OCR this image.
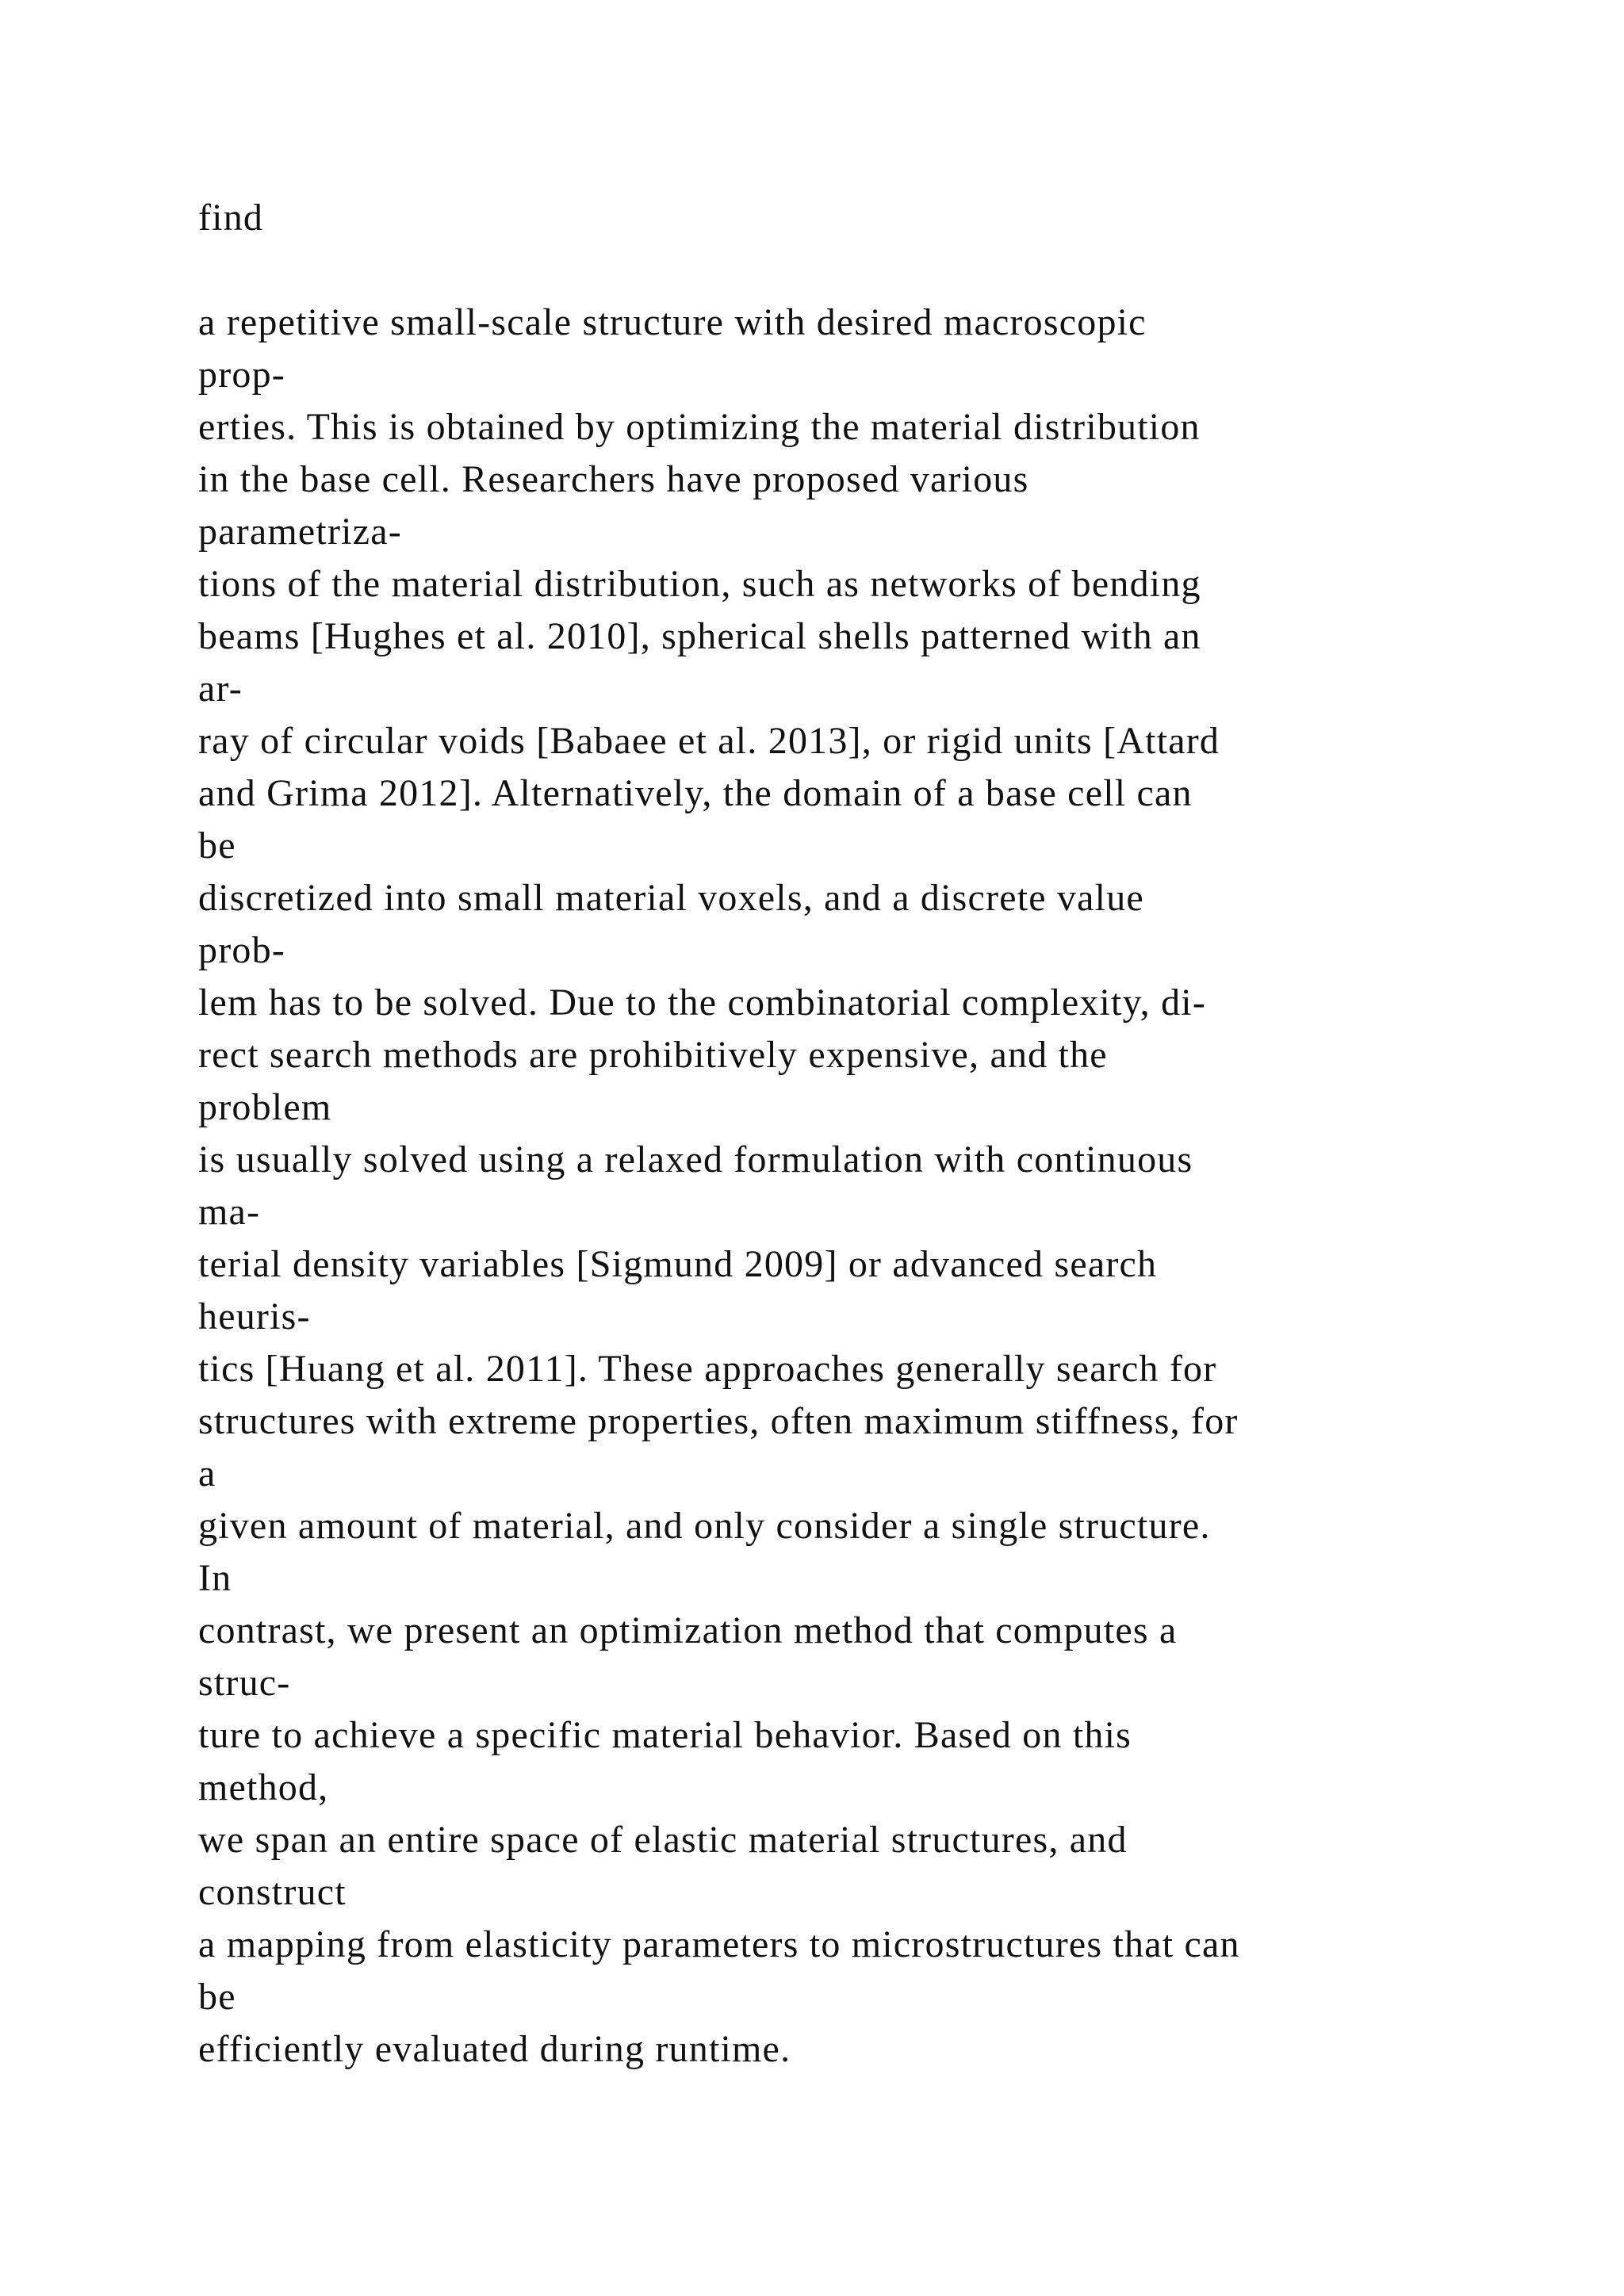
find
a repetitive small-scale structure with desired macroscopic
prop-
erties. This is obtained by optimizing the material distribution
in the base cell. Researchers have proposed various
parametriza-
tions of the material distribution, such as networks of bending
beams [Hughes et al. 2010], spherical shells patterned with an
ar-
ray of circular voids [Babaee et al. 2013], or rigid units [Attard
and Grima 2012]. Alternatively, the domain of a base cell can
be
discretized into small material voxels, and a discrete value
prob-
lem has to be solved. Due to the combinatorial complexity, di-
rect search methods are prohibitively expensive, and the
problem
is usually solved using a relaxed formulation with continuous
ma-
terial density variables [Sigmund 2009] or advanced search
heuris-
tics [Huang et al. 2011]. These approaches generally search for
structures with extreme properties, often maximum stiffness, for
a
given amount of material, and only consider a single structure.
In
contrast, we present an optimization method that computes a
struc-
ture to achieve a specific material behavior. Based on this
method,
we span an entire space of elastic material structures, and
construct
a mapping from elasticity parameters to microstructures that can
be
efficiently evaluated during runtime.
